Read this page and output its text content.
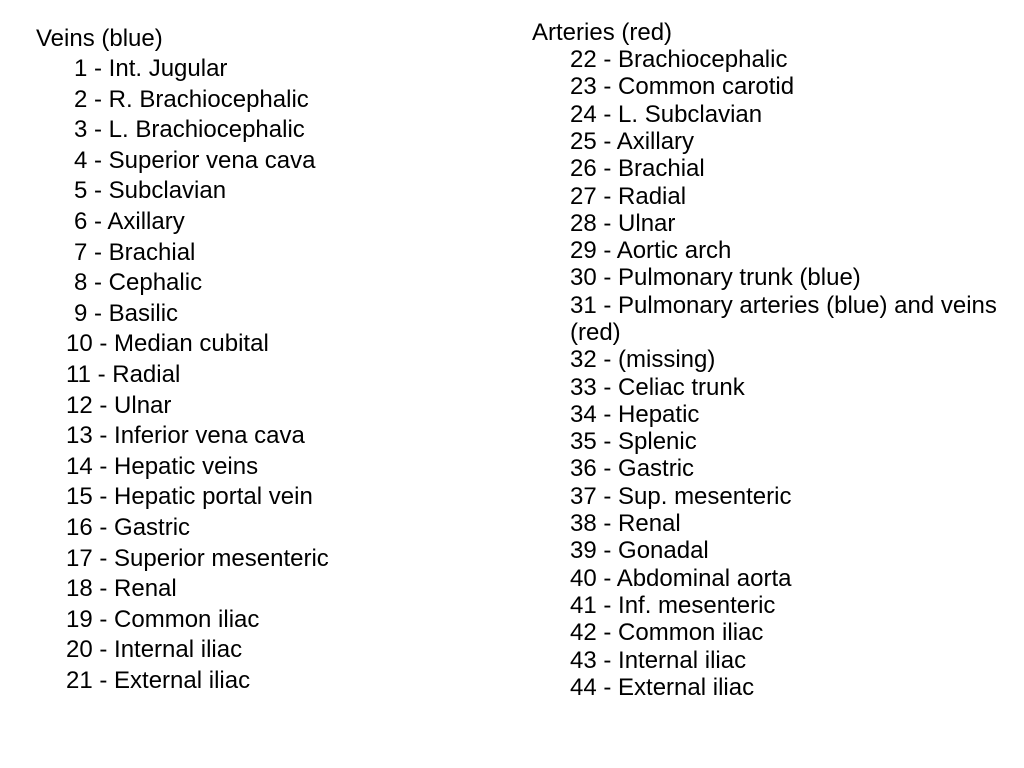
Veins (blue)
1 - Int. Jugular
2 - R. Brachiocephalic
3 - L. Brachiocephalic
4 - Superior vena cava
5 - Subclavian
6 - Axillary
7 - Brachial
8 - Cephalic
9 - Basilic
10 - Median cubital
11 - Radial
12 - Ulnar
13 - Inferior vena cava
14 - Hepatic veins
15 - Hepatic portal vein
16 - Gastric
17 - Superior mesenteric
18 - Renal
19 - Common iliac
20 - Internal iliac
21 - External iliac
Arteries (red)
22 - Brachiocephalic
23 - Common carotid
24 - L. Subclavian
25 - Axillary
26 - Brachial
27 - Radial
28 - Ulnar
29 - Aortic arch
30 - Pulmonary trunk (blue)
31 - Pulmonary arteries (blue) and veins (red)
32 - (missing)
33 - Celiac trunk
34 - Hepatic
35 - Splenic
36 - Gastric
37 - Sup. mesenteric
38 - Renal
39 - Gonadal
40 - Abdominal aorta
41 - Inf. mesenteric
42 - Common iliac
43 - Internal iliac
44 - External iliac
